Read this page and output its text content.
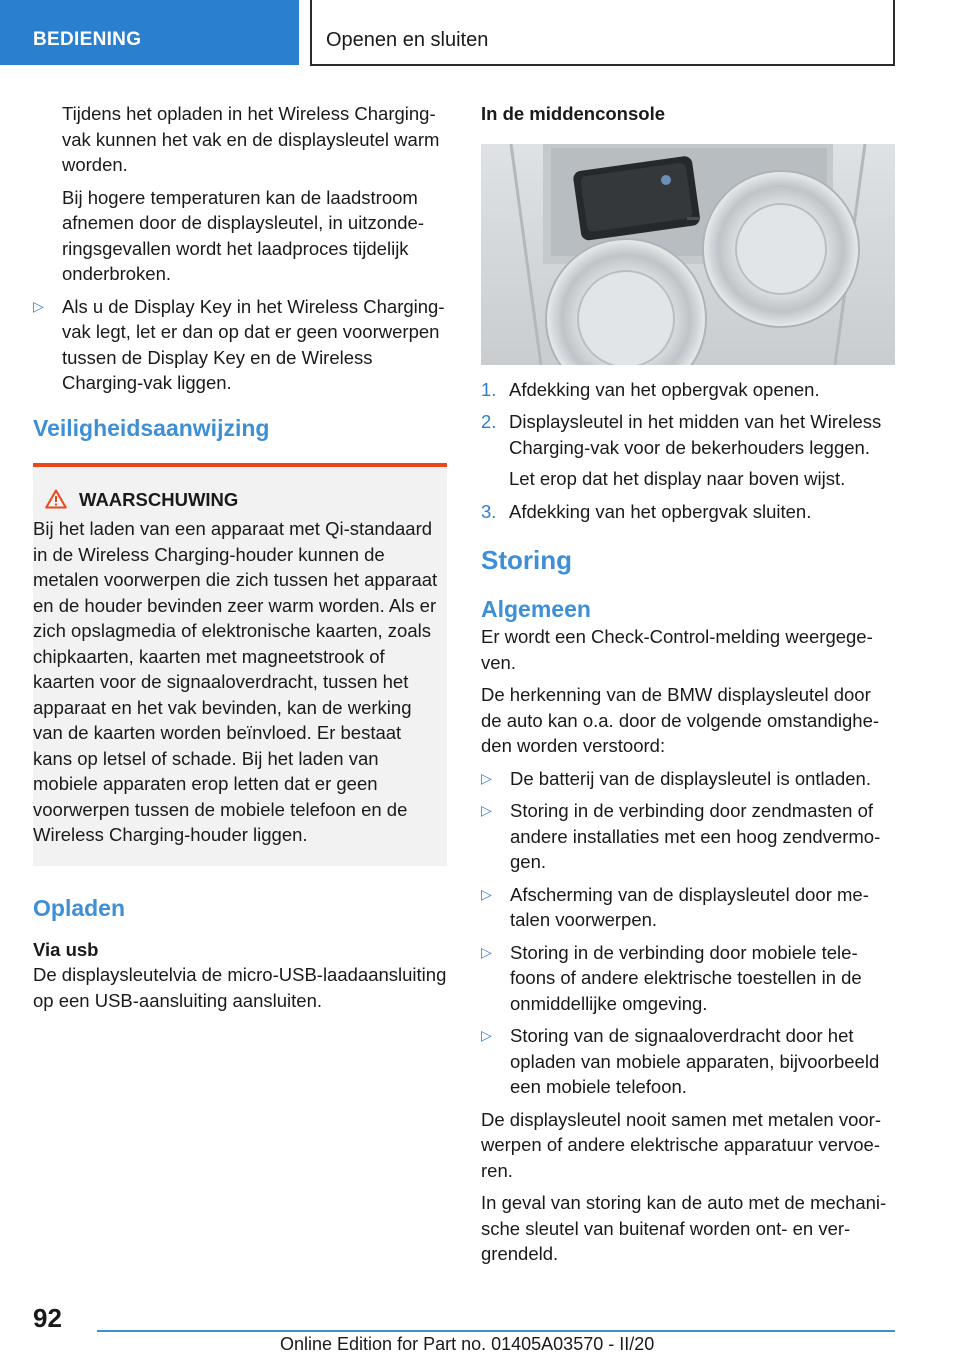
BEDIENING	Openen en sluiten

Tijdens het opladen in het Wireless Charging-vak kunnen het vak en de displaysleutel warm worden.

Bij hogere temperaturen kan de laadstroom afnemen door de displaysleutel, in uitzonderingsgevallen wordt het laadproces tijdelijk onderbroken.

▷ Als u de Display Key in het Wireless Charging-vak legt, let er dan op dat er geen voorwerpen tussen de Display Key en de Wireless Charging-vak liggen.
Veiligheidsaanwijzing
WAARSCHUWING
Bij het laden van een apparaat met Qi-standaard in de Wireless Charging-houder kunnen de metalen voorwerpen die zich tussen het apparaat en de houder bevinden zeer warm worden. Als er zich opslagmedia of elektronische kaarten, zoals chipkaarten, kaarten met magneetstrook of kaarten voor de signaaloverdracht, tussen het apparaat en het vak bevinden, kan de werking van de kaarten worden beïnvloed. Er bestaat kans op letsel of schade. Bij het laden van mobiele apparaten erop letten dat er geen voorwerpen tussen de mobiele telefoon en de Wireless Charging-houder liggen.
Opladen
Via usb

De displaysleutelvia de micro-USB-laadaansluiting op een USB-aansluiting aansluiten.

In de middenconsole
1. Afdekking van het opbergvak openen.
2. Displaysleutel in het midden van het Wireless Charging-vak voor de bekerhouders leggen.

Let erop dat het display naar boven wijst.

3. Afdekking van het opbergvak sluiten.
Storing
Algemeen

Er wordt een Check-Control-melding weergegeven.

De herkenning van de BMW displaysleutel door de auto kan o.a. door de volgende omstandigheden worden verstoord:

▷ De batterij van de displaysleutel is ontladen.
▷ Storing in de verbinding door zendmasten of andere installaties met een hoog zendvermogen.
▷ Afscherming van de displaysleutel door metalen voorwerpen.
▷ Storing in de verbinding door mobiele telefoons of andere elektrische toestellen in de onmiddellijke omgeving.
▷ Storing van de signaaloverdracht door het opladen van mobiele apparaten, bijvoorbeeld een mobiele telefoon.

De displaysleutel nooit samen met metalen voorwerpen of andere elektrische apparatuur vervoeren.

In geval van storing kan de auto met de mechanische sleutel van buitenaf worden ont- en vergrendeld.

92
Online Edition for Part no. 01405A03570 - II/20
